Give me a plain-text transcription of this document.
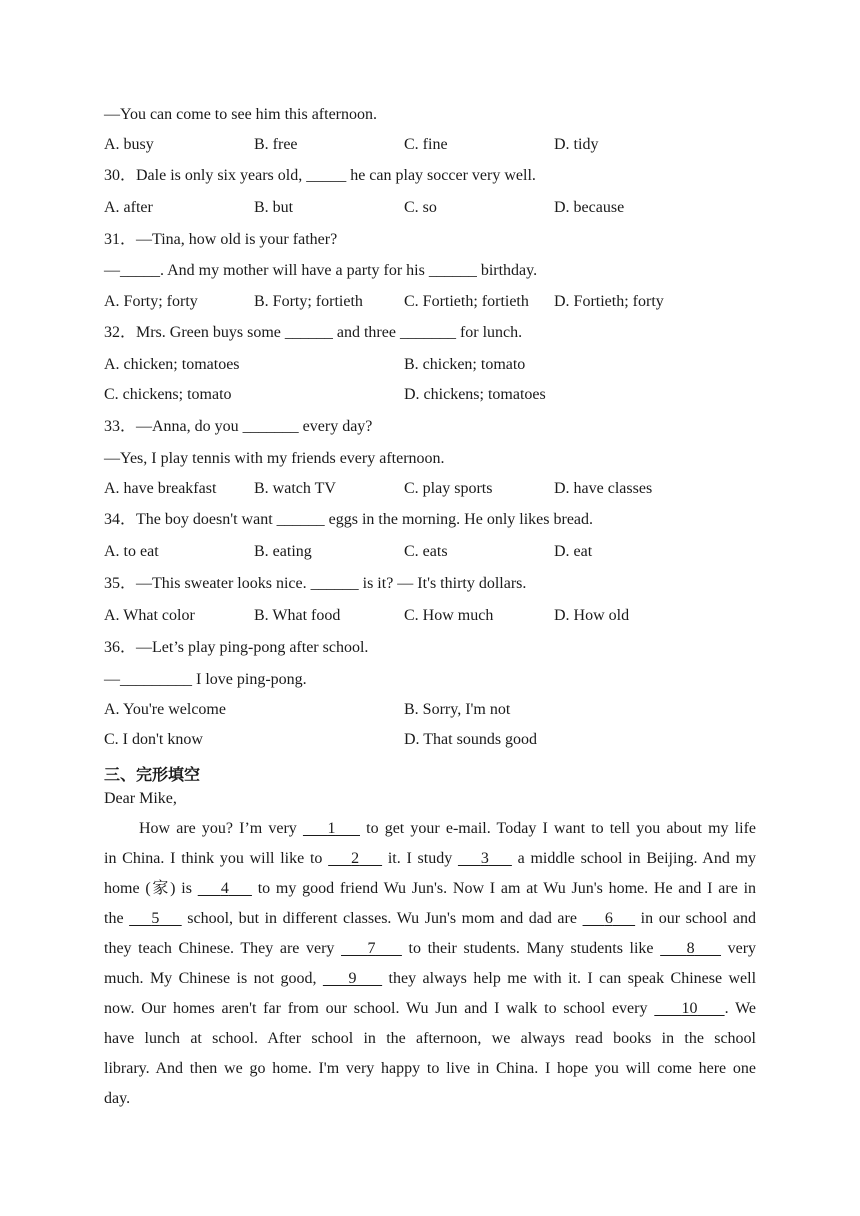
—You can come to see him this afternoon.
A. busy	B. free	C. fine	D. tidy
30．Dale is only six years old, _____ he can play soccer very well.
A. after	B. but	C. so	D. because
31．—Tina, how old is your father?
—_____. And my mother will have a party for his ______ birthday.
A. Forty; forty	B. Forty; fortieth	C. Fortieth; fortieth D. Fortieth; forty
32．Mrs. Green buys some ______ and three _______ for lunch.
A. chicken; tomatoes	B. chicken; tomato
C. chickens; tomato	D. chickens; tomatoes
33．—Anna, do you _______ every day?
—Yes, I play tennis with my friends every afternoon.
A. have breakfast B. watch TV	C. play sports	D. have classes
34．The boy doesn't want ______ eggs in the morning. He only likes bread.
A. to eat	B. eating	C. eats	D. eat
35．—This sweater looks nice. ______ is it? — It's thirty dollars.
A. What color	B. What food	C. How much	D. How old
36．—Let’s play ping-pong after school.
—_________ I love ping-pong.
A. You're welcome	B. Sorry, I'm not
C. I don't know	D. That sounds good
三、完形填空
Dear Mike,
How are you? I’m very     1     to get your e-mail. Today I want to tell you about my life
in China. I think you will like to     2     it. I study     3     a middle school in Beijing. And my
home (家) is     4     to my good friend Wu Jun's. Now I am at Wu Jun's home. He and I are in
the     5     school, but in different classes. Wu Jun's mom and dad are     6     in our school and
they teach Chinese. They are very     7     to their students. Many students like     8     very
much. My Chinese is not good,     9     they always help me with it. I can speak Chinese well
now. Our homes aren't far from our school. Wu Jun and I walk to school every     10 . We
have lunch at school. After school in the afternoon, we always read books in the school
library. And then we go home. I'm very happy to live in China. I hope you will come here one
day.
